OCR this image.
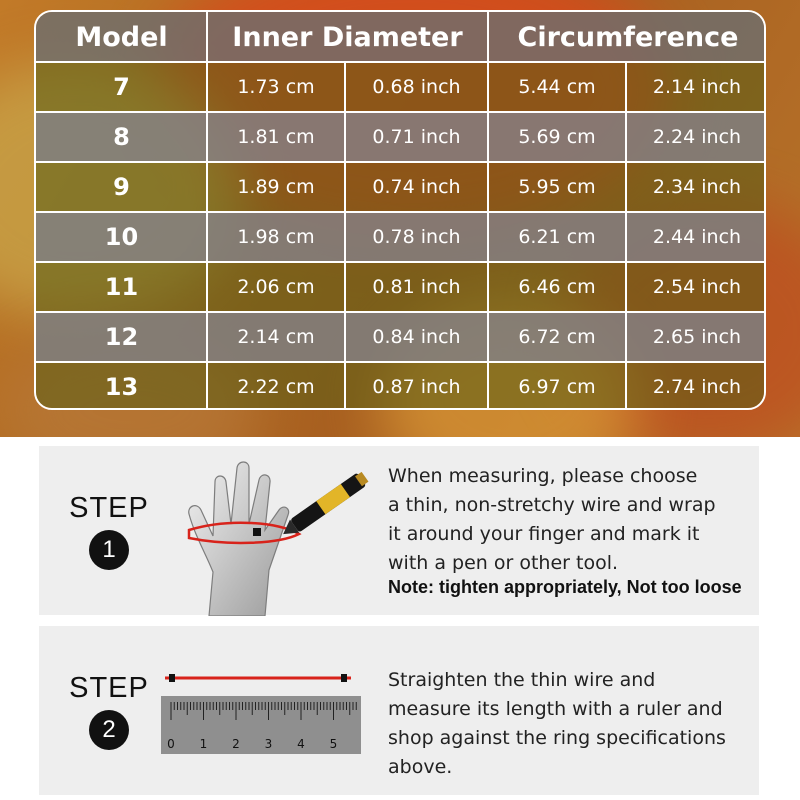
Model	Inner Diameter	Circumference
7	1.73 cm	0.68 inch	5.44 cm	2.14 inch
8	1.81 cm	0.71 inch	5.69 cm	2.24 inch
9	1.89 cm	0.74 inch	5.95 cm	2.34 inch
10	1.98 cm	0.78 inch	6.21 cm	2.44 inch
11	2.06 cm	0.81 inch	6.46 cm	2.54 inch
12	2.14 cm	0.84 inch	6.72 cm	2.65 inch
13	2.22 cm	0.87 inch	6.97 cm	2.74 inch
STEP
1
When measuring, please choose
a thin, non-stretchy wire and wrap
it around your finger and mark it
with a pen or other tool.
Note: tighten appropriately, Not too loose
STEP
2
0 1 2 3 4 5
Straighten the thin wire and
measure its length with a ruler and
shop against the ring specifications
above.
